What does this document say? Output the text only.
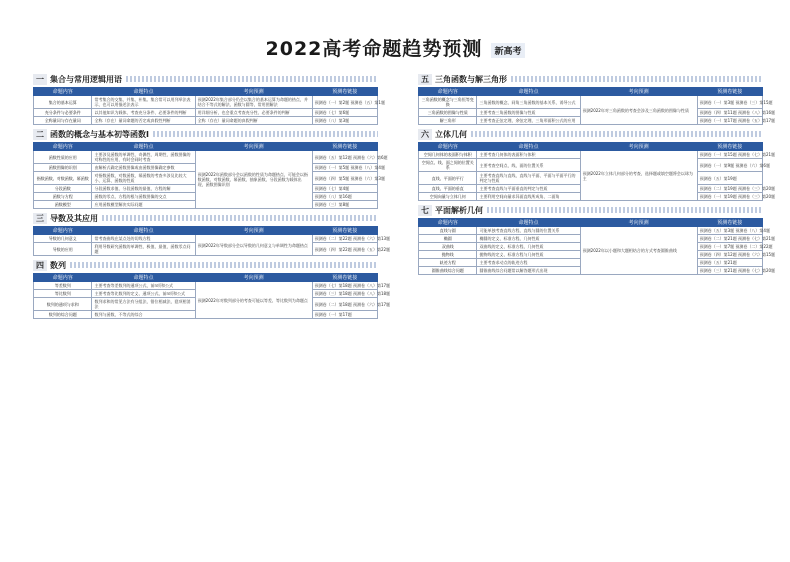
2022高考命题趋势预测 新高考
一 集合与常用逻辑用语
命题内容	命题特点	考向预测	预测卷链接
集合的基本运算	常考集合的交集、并集、补集。集合常可以用列举法表示，也可以用描述法表示	预测2022年集合部分仍会以集合的基本运算为命题的热点，并结合不等式的解法、函数与圆等，常用图解法	预测卷（一）第2题 预测卷（五）第1题
充分条件与必要条件	以其他知识为载体，考查充分条件、必要条件的判断	用详细分析，也会重点考查充分性、必要条件的判断	预测卷（七）第6题
全称量词与存在量词	全称（存在）量词命题的否定或真假性判断	全称（存在）量词命题的真假判断	预测卷（八）第3题
二 函数的概念与基本初等函数Ⅰ
命题内容	命题特点	考向预测	预测卷链接
函数性质的应用	主要涉及函数的单调性、奇偶性、周期性，函数图像的对称性的应用，有时会同时考查	预测2022年函数部分会以函数的性质为命题热点，可能会以指数函数、对数函数、幂函数、抽象函数、分段函数为载体出现，函数图像识别	预测卷（五）第12题 预测卷（六）第6题
函数图像的识别	由解析式确定函数图像或由函数图像确定参数		预测卷（一）第5题 预测卷（八）第4题
指数函数、对数函数、幂函数	对指数函数、对数函数、幂函数的考查多涉及比较大小、运算、函数的性质		预测卷（四）第5题 预测卷（六）第3题
分段函数	分段函数求值、分段函数的最值、方程的解		预测卷（七）第4题
函数与方程	函数的零点、方程的根与函数图像的交点		预测卷（八）第16题
函数模型	应用函数模型解决实际问题		预测卷（三）第8题
三 导数及其应用
命题内容	命题特点	考向预测	预测卷链接
导数的几何意义	常考查曲线在某点处的切线方程	预测2022年导数部分会以导数的几何意义与单调性为命题热点	预测卷（二）第22题 预测卷（六）第13题
导数的应用	利用导数研究函数的单调性、极值、最值，函数零点问题		预测卷（四）第22题 预测卷（五）第22题
四 数列
命题内容	命题特点	考向预测	预测卷链接
等差数列	主要考查等差数列的通项公式、前n项和公式	预测2022年对数列部分的考查可能以等差、等比数列为命题点	预测卷（七）第18题 预测卷（八）第17题
等比数列	主要考查等比数列的定义、通项公式、前n项和公式		预测卷（三）第18题 预测卷（八）第18题
数列的通项与求和	数列求和的常见方法有分组法、错位相减法、裂项相消法		预测卷（二）第18题 预测卷（六）第17题
数列的综合问题	数列与函数、不等式的综合		预测卷（一）第17题
五 三角函数与解三角形
命题内容	命题特点	考向预测	预测卷链接
三角函数的概念与三角恒等变换	三角函数的概念、同角三角函数的基本关系、诱导公式	预测2022年对三角函数的考查会涉及三角函数的图像与性质	预测卷（一）第3题 预测卷（三）第15题
三角函数的图像与性质	主要考查三角函数的图像与性质		预测卷（四）第11题 预测卷（八）第16题
解三角形	主要考查正弦定理、余弦定理、三角形面积公式的应用		预测卷（一）第17题 预测卷（五）第17题
六 立体几何
命题内容	命题特点	考向预测	预测卷链接
空间几何体的表面积与体积	主要考查几何体的表面积与体积	预测2022年立体几何部分的考查，选择题或填空题将会以球为主	预测卷（一）第15题 预测卷（七）第21题
空间点、线、面之间的位置关系	主要考查空间点、线、面的位置关系		预测卷（一）第9题 预测卷（六）第6题
直线、平面的平行	主要考查直线与直线、直线与平面、平面与平面平行的判定与性质		预测卷（五）第19题
直线、平面的垂直	主要考查直线与平面垂直的判定与性质		预测卷（二）第19题 预测卷（三）第20题
空间向量与立体几何	主要利用空间向量求异面直线所成角、二面角		预测卷（一）第19题 预测卷（三）第20题
七 平面解析几何
命题内容	命题特点	考向预测	预测卷链接
直线与圆	可能单独考查直线方程、直线与圆的位置关系	预测2022年以小题和大题相结合的方式考查圆锥曲线	预测卷（五）第3题 预测卷（八）第4题
椭圆	椭圆的定义、标准方程、几何性质		预测卷（二）第21题 预测卷（七）第21题
双曲线	双曲线的定义、标准方程、几何性质		预测卷（一）第7题 预测卷（二）第22题
抛物线	抛物线的定义、标准方程与几何性质		预测卷（四）第12题 预测卷（六）第15题
轨迹方程	主要考查求动点的轨迹方程		预测卷（五）第21题
圆锥曲线综合问题	圆锥曲线综合问题常以解答题形式出现		预测卷（三）第21题 预测卷（七）第20题
